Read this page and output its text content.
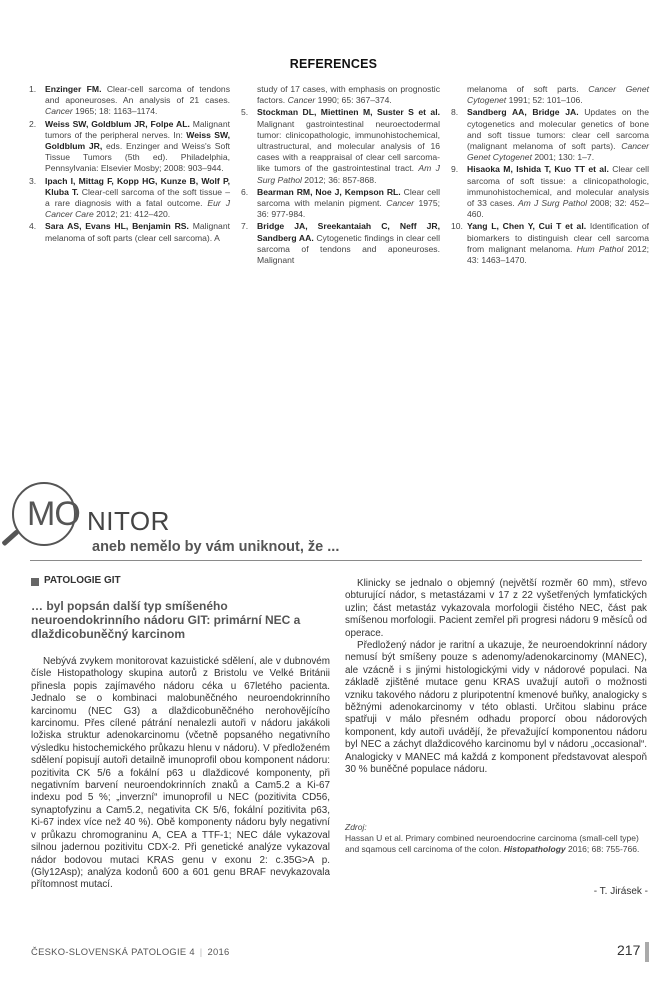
REFERENCES
1. Enzinger FM. Clear-cell sarcoma of tendons and aponeuroses. An analysis of 21 cases. Cancer 1965; 18: 1163–1174.
2. Weiss SW, Goldblum JR, Folpe AL. Malignant tumors of the peripheral nerves. In: Weiss SW, Goldblum JR, eds. Enzinger and Weiss's Soft Tissue Tumors (5th ed). Philadelphia, Pennsylvania: Elsevier Mosby; 2008: 903–944.
3. Ipach I, Mittag F, Kopp HG, Kunze B, Wolf P, Kluba T. Clear-cell sarcoma of the soft tissue – a rare diagnosis with a fatal outcome. Eur J Cancer Care 2012; 21: 412–420.
4. Sara AS, Evans HL, Benjamin RS. Malignant melanoma of soft parts (clear cell sarcoma). A
study of 17 cases, with emphasis on prognostic factors. Cancer 1990; 65: 367–374.
5. Stockman DL, Miettinen M, Suster S et al. Malignant gastrointestinal neuroectodermal tumor: clinicopathologic, immunohistochemical, ultrastructural, and molecular analysis of 16 cases with a reappraisal of clear cell sarcoma-like tumors of the gastrointestinal tract. Am J Surg Pathol 2012; 36: 857-868.
6. Bearman RM, Noe J, Kempson RL. Clear cell sarcoma with melanin pigment. Cancer 1975; 36: 977-984.
7. Bridge JA, Sreekantaiah C, Neff JR, Sandberg AA. Cytogenetic findings in clear cell sarcoma of tendons and aponeuroses. Malignant
melanoma of soft parts. Cancer Genet Cytogenet 1991; 52: 101–106.
8. Sandberg AA, Bridge JA. Updates on the cytogenetics and molecular genetics of bone and soft tissue tumors: clear cell sarcoma (malignant melanoma of soft parts). Cancer Genet Cytogenet 2001; 130: 1–7.
9. Hisaoka M, Ishida T, Kuo TT et al. Clear cell sarcoma of soft tissue: a clinicopathologic, immunohistochemical, and molecular analysis of 33 cases. Am J Surg Pathol 2008; 32: 452–460.
10. Yang L, Chen Y, Cui T et al. Identification of biomarkers to distinguish clear cell sarcoma from malignant melanoma. Hum Pathol 2012; 43: 1463–1470.
MO NITOR
aneb nemělo by vám uniknout, že ...
PATOLOGIE GIT
… byl popsán další typ smíšeného neuroendokrinního nádoru GIT: primární NEC a dlaždicobuněčný karcinom

Nebývá zvykem monitorovat kazuistické sdělení, ale v dubnovém čísle Histopathology skupina autorů z Bristolu ve Velké Británii přinesla popis zajímavého nádoru céka u 67letého pacienta. Jednalo se o kombinaci malobuněčného neuroendokrinního karcinomu (NEC G3) a dlaždicobuněčného nerohovějícího karcinomu. Přes cílené pátrání nenalezli autoři v nádoru jakákoli ložiska struktur adenokarcinomu (včetně popsaného negativního výsledku histochemického průkazu hlenu v nádoru). V předloženém sdělení popisují autoři detailně imunoprofil obou komponent nádoru: pozitivita CK 5/6 a fokální p63 u dlaždicové komponenty, při negativním barvení neuroendokrinních znaků a Cam5.2 a Ki-67 indexu pod 5 %; „inverzní“ imunoprofil u NEC (pozitivita CD56, synaptofyzinu a Cam5.2, negativita CK 5/6, fokální pozitivita p63, Ki-67 index více než 40 %). Obě komponenty nádoru byly negativní v průkazu chromograninu A, CEA a TTF-1; NEC dále vykazoval silnou jadernou pozitivitu CDX-2. Při genetické analýze vykazoval nádor bodovou mutaci KRAS genu v exonu 2: c.35G>A p.(Gly12Asp); analýza kodonů 600 a 601 genu BRAF nevykazovala přítomnost mutací.

Klinicky se jednalo o objemný (největší rozměr 60 mm), střevo obturující nádor, s metastázami v 17 z 22 vyšetřených lymfatických uzlin; část metastáz vykazovala morfologii čistého NEC, část pak smíšenou morfologii. Pacient zemřel při progresi nádoru 9 měsíců od operace.

Předložený nádor je raritní a ukazuje, že neuroendokrinní nádory nemusí být smíšeny pouze s adenomy/adenokarcinomy (MANEC), ale vzácně i s jinými histologickými vidy v nádorové populaci. Na základě zjištěné mutace genu KRAS uvažují autoři o možnosti vzniku takového nádoru z pluripotentní kmenové buňky, analogicky s běžnými adenokarcinomy v této oblasti. Určitou slabinu práce spatřuji v málo přesném odhadu proporcí obou nádorových komponent, kdy autoři uvádějí, že převažující komponentou nádoru byl NEC a záchyt dlaždicového karcinomu byl v nádoru „occasional“. Analogicky v MANEC má každá z komponent představovat alespoň 30 % buněčné populace nádoru.

Zdroj:
Hassan U et al. Primary combined neuroendocrine carcinoma (small-cell type) and sqamous cell carcinoma of the colon. Histopathology 2016; 68: 755-766.
- T. Jirásek -
ČESKO-SLOVENSKÁ PATOLOGIE 4 | 2016	217
